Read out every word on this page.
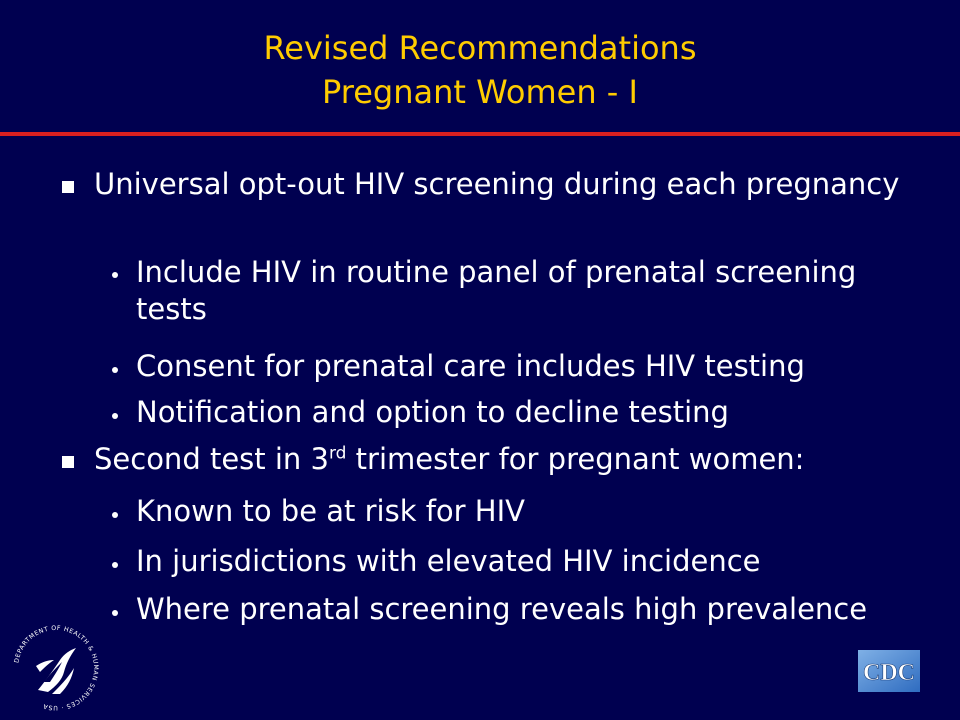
Revised Recommendations
Pregnant Women - I
Universal opt-out HIV screening during each pregnancy
Include HIV in routine panel of prenatal screening tests
Consent for prenatal care includes HIV testing
Notification and option to decline testing
Second test in 3rd trimester for pregnant women:
Known to be at risk for HIV
In jurisdictions with elevated HIV incidence
Where prenatal screening reveals high prevalence
DEPARTMENT OF HEALTH & HUMAN SERVICES · USA
CDC
